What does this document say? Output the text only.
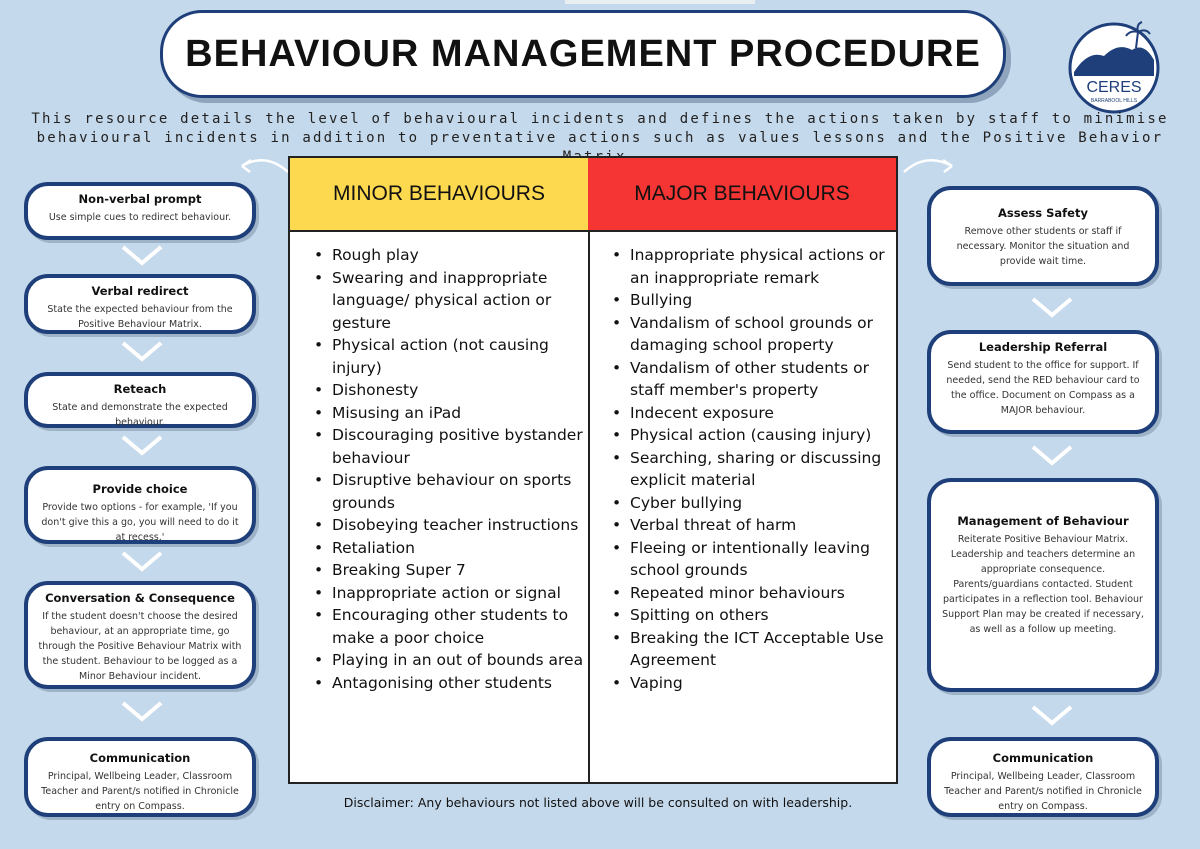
BEHAVIOUR MANAGEMENT PROCEDURE
CERES
BARRABOOL HILLS
This resource details the level of behavioural incidents and defines the actions taken by staff to minimise
behavioural incidents in addition to preventative actions such as values lessons and the Positive Behavior
Non-verbal prompt
Use simple cues to redirect behaviour.
Verbal redirect
State the expected behaviour from the Positive Behaviour Matrix.
Reteach
State and demonstrate the expected behaviour.
Provide choice
Provide two options - for example, 'If you don't give this a go, you will need to do it at recess.'
Conversation & Consequence
If the student doesn't choose the desired behaviour, at an appropriate time, go through the Positive Behaviour Matrix with the student. Behaviour to be logged as a Minor Behaviour incident.
Communication
Principal, Wellbeing Leader, Classroom Teacher and Parent/s notified in Chronicle entry on Compass.
Assess Safety
Remove other students or staff if necessary. Monitor the situation and provide wait time.
Leadership Referral
Send student to the office for support. If needed, send the RED behaviour card to the office. Document on Compass as a MAJOR behaviour.
Management of Behaviour
Reiterate Positive Behaviour Matrix. Leadership and teachers determine an appropriate consequence. Parents/guardians contacted. Student participates in a reflection tool. Behaviour Support Plan may be created if necessary, as well as a follow up meeting.
Communication
Principal, Wellbeing Leader, Classroom Teacher and Parent/s notified in Chronicle entry on Compass.
MINOR BEHAVIOURS
• Rough play
• Swearing and inappropriate language/ physical action or gesture
• Physical action (not causing injury)
• Dishonesty
• Misusing an iPad
• Discouraging positive bystander behaviour
• Disruptive behaviour on sports grounds
• Disobeying teacher instructions
• Retaliation
• Breaking Super 7
• Inappropriate action or signal
• Encouraging other students to make a poor choice
• Playing in an out of bounds area
• Antagonising other students
MAJOR BEHAVIOURS
• Inappropriate physical actions or an inappropriate remark
• Bullying
• Vandalism of school grounds or damaging school property
• Vandalism of other students or staff member's property
• Indecent exposure
• Physical action (causing injury)
• Searching, sharing or discussing explicit material
• Cyber bullying
• Verbal threat of harm
• Fleeing or intentionally leaving school grounds
• Repeated minor behaviours
• Spitting on others
• Breaking the ICT Acceptable Use Agreement
• Vaping
Disclaimer: Any behaviours not listed above will be consulted on with leadership.
